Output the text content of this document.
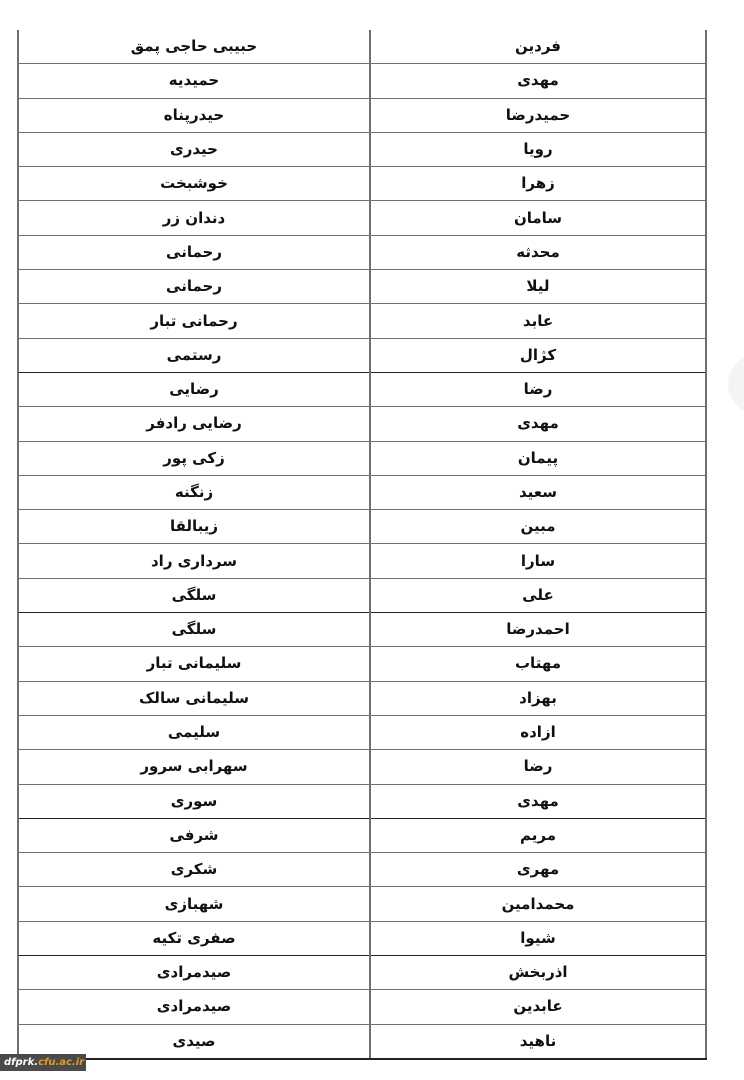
فردین	حبیبی حاجی پمق
مهدی	حمیدیه
حمیدرضا	حیدرپناه
رویا	حیدری
زهرا	خوشبخت
سامان	دندان زر
محدثه	رحمانی
لیلا	رحمانی
عابد	رحمانی تبار
کژال	رستمی
رضا	رضایی
مهدی	رضایی رادفر
پیمان	زکی پور
سعید	زنگنه
مبین	زیبالقا
سارا	سرداری راد
علی	سلگی
احمدرضا	سلگی
مهتاب	سلیمانی تبار
بهزاد	سلیمانی سالک
ازاده	سلیمی
رضا	سهرابی سرور
مهدی	سوری
مریم	شرفی
مهری	شکری
محمدامین	شهبازی
شیوا	صفری تکیه
اذربخش	صیدمرادی
عابدین	صیدمرادی
ناهید	صیدی
dfprk.cfu.ac.ir
